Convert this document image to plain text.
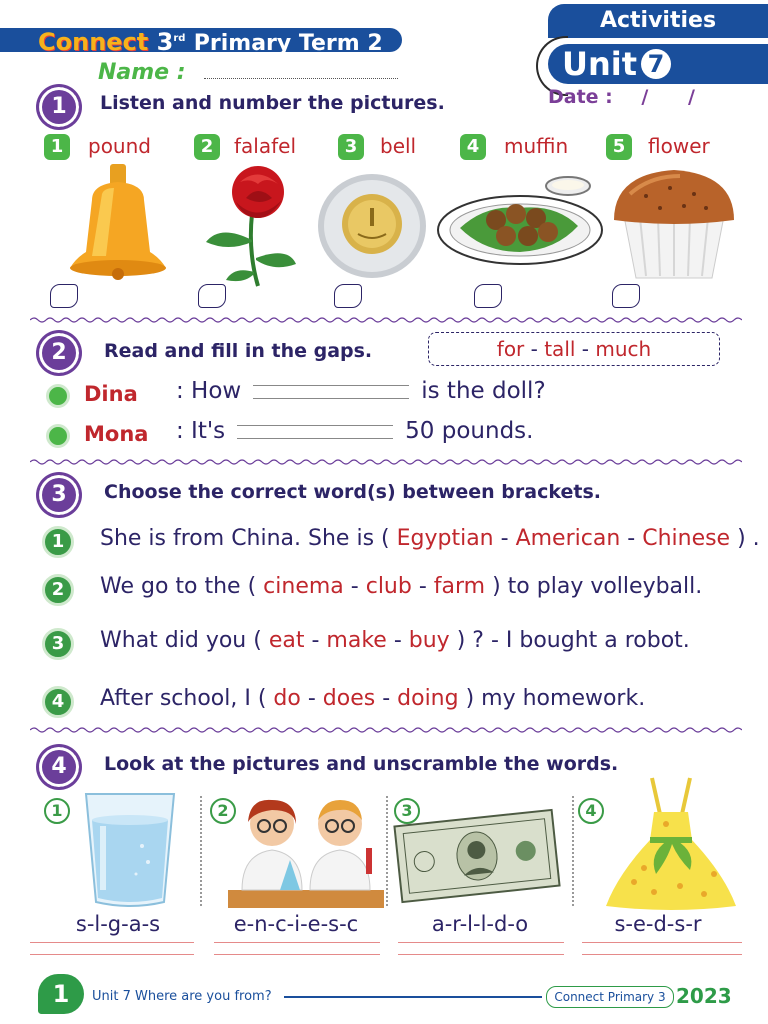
Connect 3rd Primary Term 2
Activities
Unit 7
Name :
Date : /      /
1	Listen and number the pictures.
1	pound	2	falafel	3	bell	4	muffin	5	flower
2	Read and fill in the gaps.	for - tall - much
Dina : How	is the doll?
Mona : It's	50 pounds.
3	Choose the correct word(s) between brackets.
1	She is from China. She is ( Egyptian - American - Chinese ) .
2	We go to the ( cinema - club - farm ) to play volleyball.
3	What did you ( eat - make - buy ) ? - I bought a robot.
4	After school, I ( do - does - doing ) my homework.
4	Look at the pictures and unscramble the words.
1	2	3	4
s-l-g-a-s	e-n-c-i-e-s-c	a-r-l-l-d-o	s-e-d-s-r
1	Unit 7 Where are you from?	Connect Primary 3 2023
